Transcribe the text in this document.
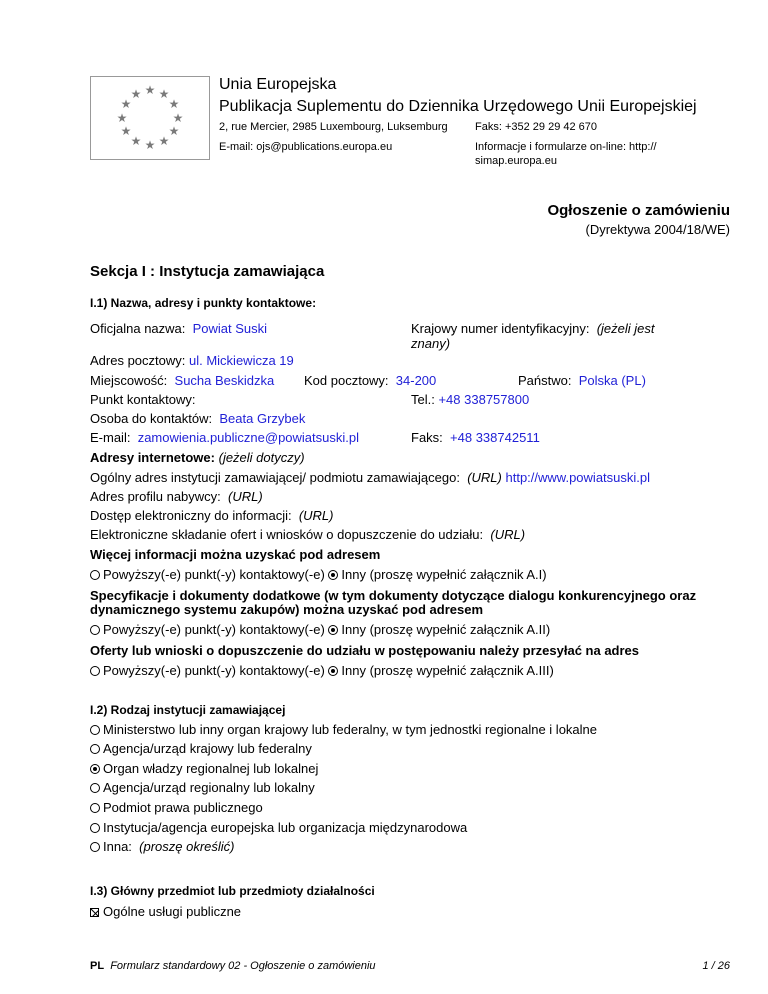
★ ★
★
★
★
★
★
★
★
★
★
★
Unia Europejska
Publikacja Suplementu do Dziennika Urzędowego Unii Europejskiej
2, rue Mercier, 2985 Luxembourg, Luksemburg Faks: +352 29 29 42 670
E-mail: ojs@publications.europa.eu	Informacje i formularze on-line: http://
simap.europa.eu
Ogłoszenie o zamówieniu
(Dyrektywa 2004/18/WE)
Sekcja I : Instytucja zamawiająca
I.1) Nazwa, adresy i punkty kontaktowe:
Oficjalna nazwa: Powiat Suski	Krajowy numer identyfikacyjny: (jeżeli jest
znany)
Adres pocztowy: ul. Mickiewicza 19
Miejscowość: Sucha Beskidzka Kod pocztowy: 34-200	Państwo: Polska (PL)
Punkt kontaktowy:	Tel.: +48 338757800
Osoba do kontaktów: Beata Grzybek
E-mail: zamowienia.publiczne@powiatsuski.pl	Faks: +48 338742511
Adresy internetowe: (jeżeli dotyczy)
Ogólny adres instytucji zamawiającej/ podmiotu zamawiającego: (URL) http://www.powiatsuski.pl
Adres profilu nabywcy: (URL)
Dostęp elektroniczny do informacji: (URL)
Elektroniczne składanie ofert i wniosków o dopuszczenie do udziału: (URL)
Więcej informacji można uzyskać pod adresem
Powyższy(-e) punkt(-y) kontaktowy(-e) Inny (proszę wypełnić załącznik A.I)
Specyfikacje i dokumenty dodatkowe (w tym dokumenty dotyczące dialogu konkurencyjnego oraz
dynamicznego systemu zakupów) można uzyskać pod adresem
Powyższy(-e) punkt(-y) kontaktowy(-e) Inny (proszę wypełnić załącznik A.II)
Oferty lub wnioski o dopuszczenie do udziału w postępowaniu należy przesyłać na adres
Powyższy(-e) punkt(-y) kontaktowy(-e) Inny (proszę wypełnić załącznik A.III)
I.2) Rodzaj instytucji zamawiającej
Ministerstwo lub inny organ krajowy lub federalny, w tym jednostki regionalne i lokalne
Agencja/urząd krajowy lub federalny
Organ władzy regionalnej lub lokalnej
Agencja/urząd regionalny lub lokalny
Podmiot prawa publicznego
Instytucja/agencja europejska lub organizacja międzynarodowa
Inna: (proszę określić)
I.3) Główny przedmiot lub przedmioty działalności
Ogólne usługi publiczne
PL Formularz standardowy 02 - Ogłoszenie o zamówieniu	1 / 26
